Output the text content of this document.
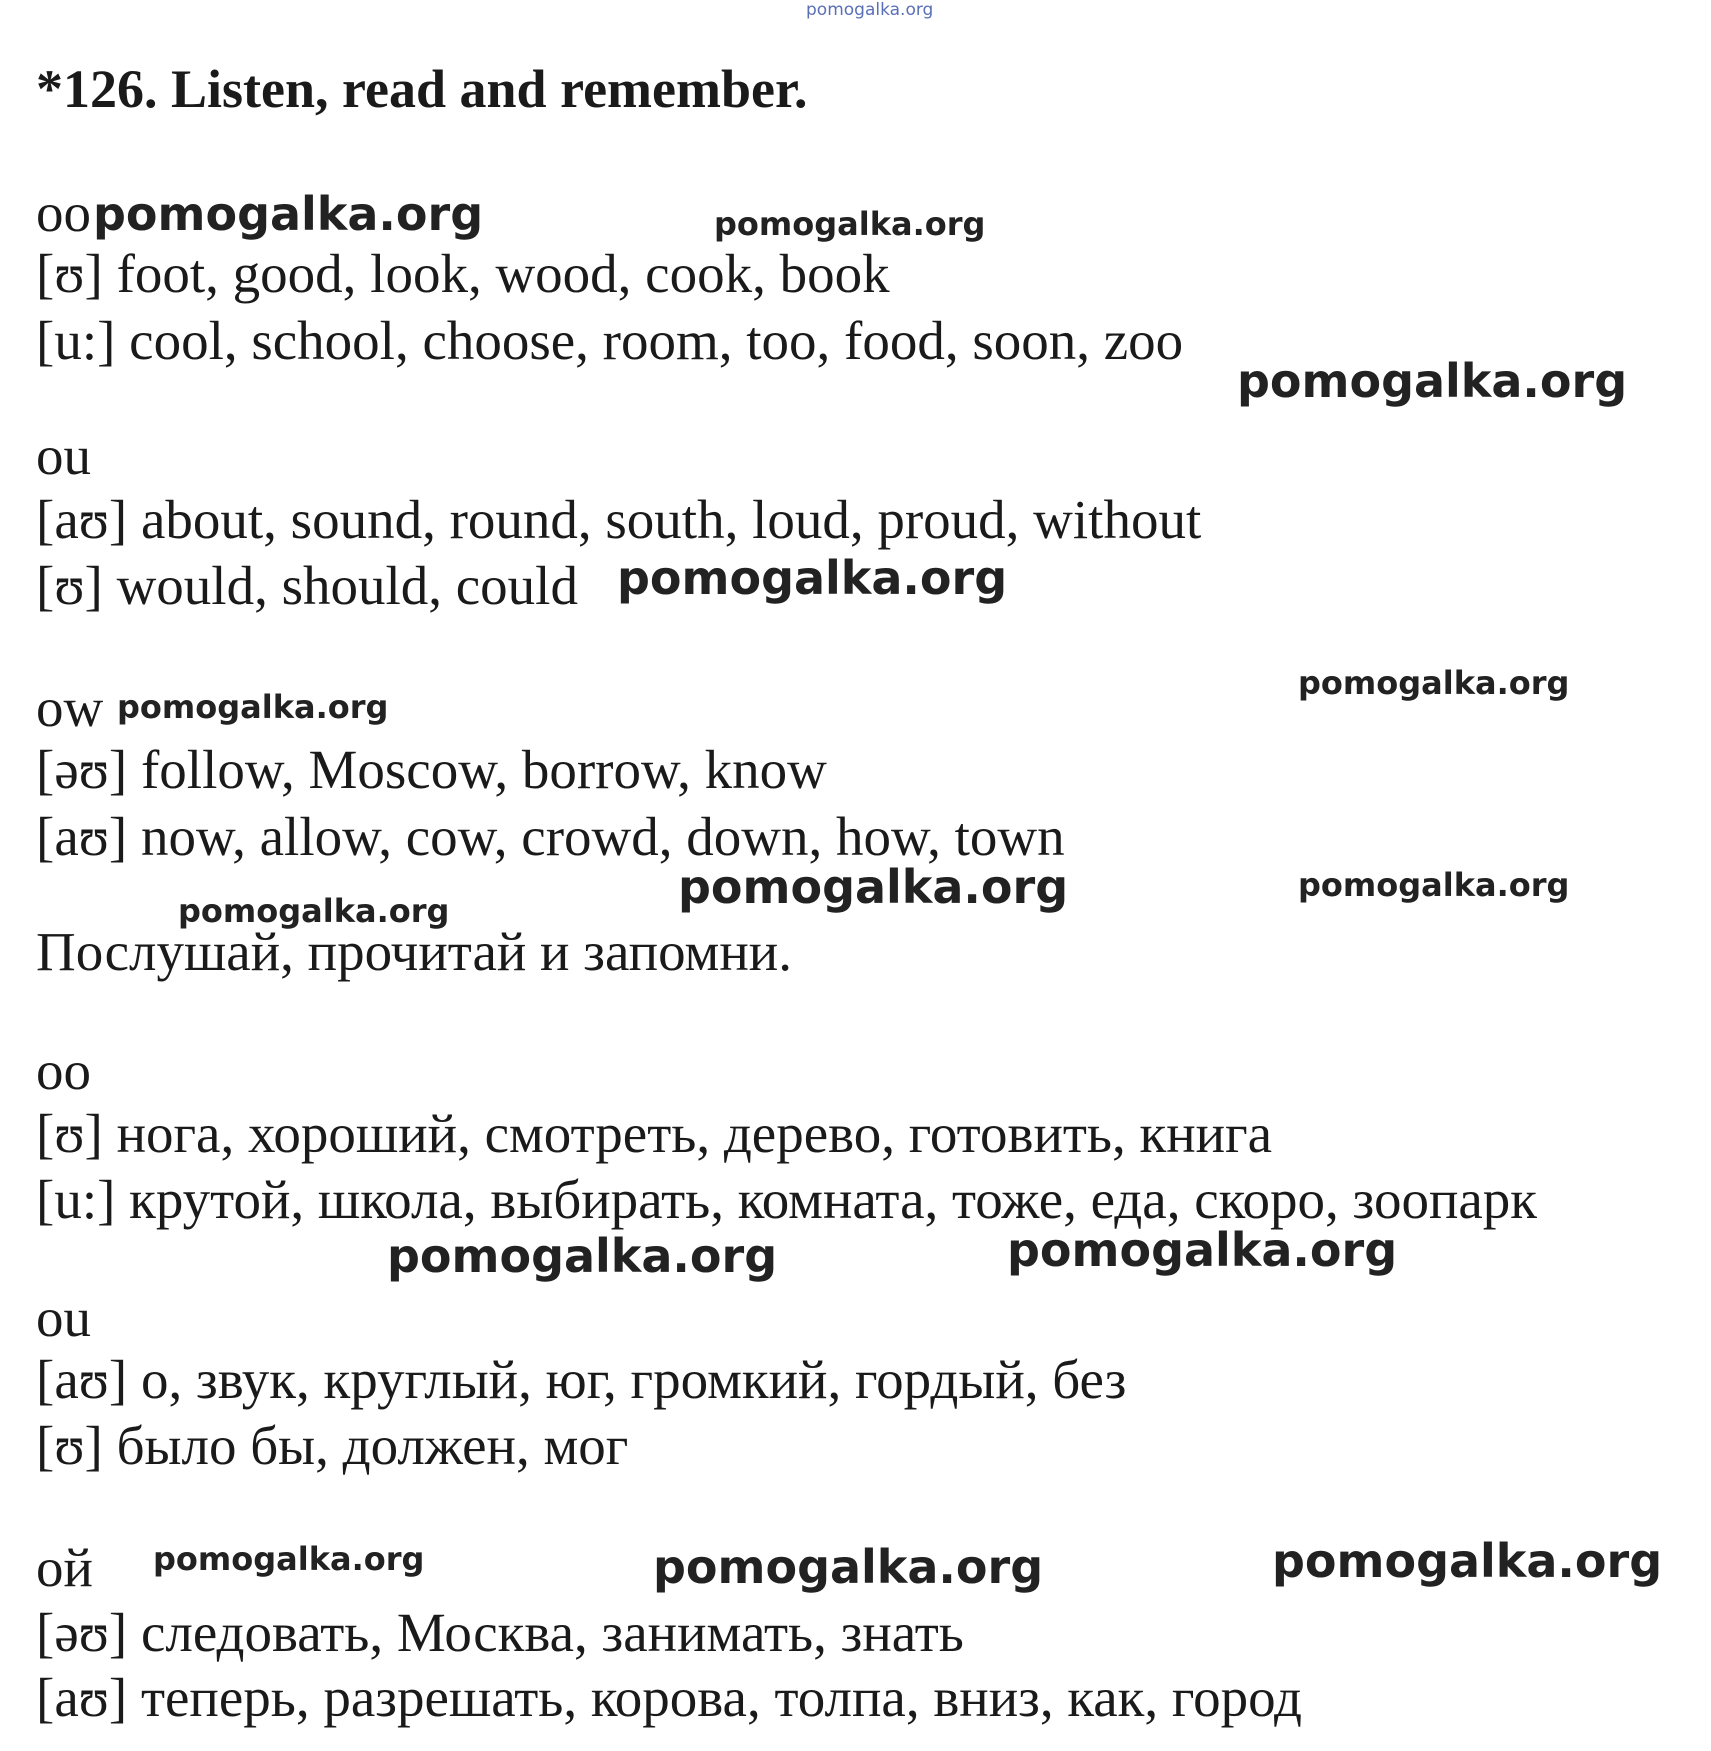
pomogalka.org
*126. Listen, read and remember.
oo
[ʊ] foot, good, look, wood, cook, book
[u:] cool, school, choose, room, too, food, soon, zoo
ou
[aʊ] about, sound, round, south, loud, proud, without
[ʊ] would, should, could
ow
[əʊ] follow, Moscow, borrow, know
[aʊ] now, allow, cow, crowd, down, how, town
Послушай, прочитай и запомни.
oo
[ʊ] нога, хороший, смотреть, дерево, готовить, книга
[u:] крутой, школа, выбирать, комната, тоже, еда, скоро, зоопарк
ou
[aʊ] о, звук, круглый, юг, громкий, гордый, без
[ʊ] было бы, должен, мог
ой
[əʊ] следовать, Москва, занимать, знать
[aʊ] теперь, разрешать, корова, толпа, вниз, как, город
pomogalka.org	pomogalka.org
pomogalka.org
pomogalka.org
pomogalka.org
pomogalka.org
pomogalka.org	pomogalka.org
pomogalka.org
pomogalka.org	pomogalka.org
pomogalka.org	pomogalka.org	pomogalka.org
